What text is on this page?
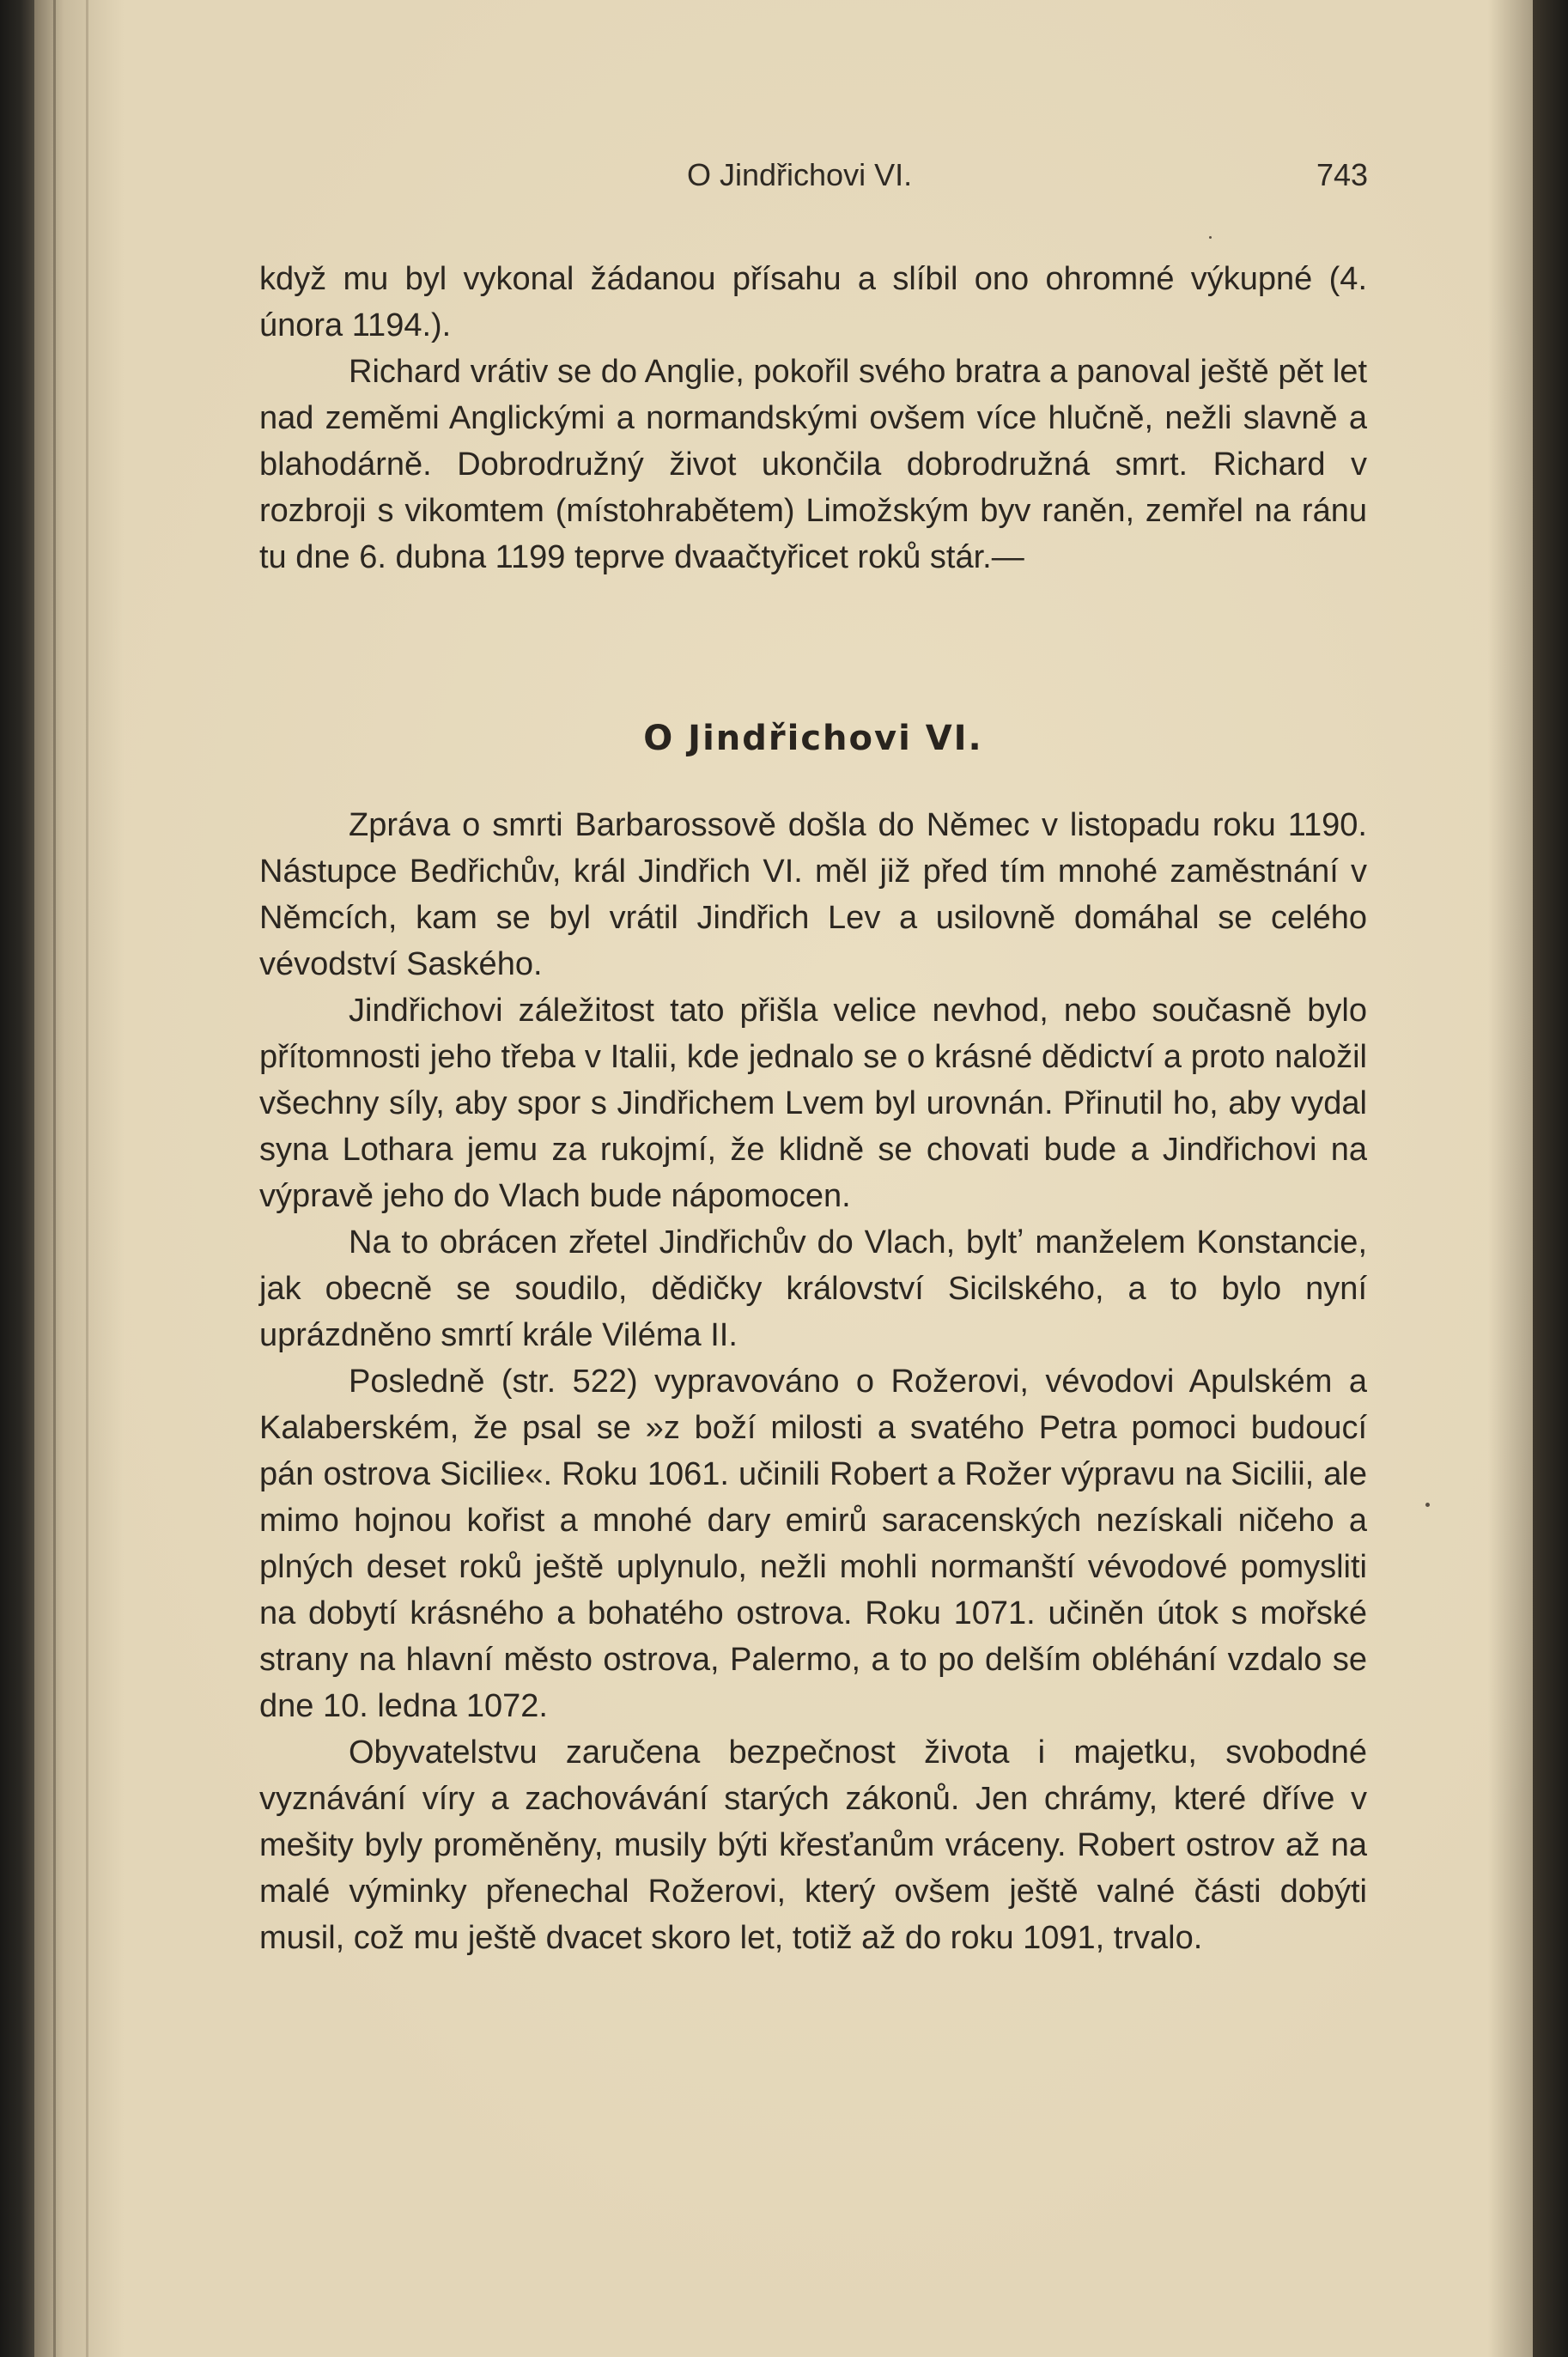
O Jindřichovi VI.	743

když mu byl vykonal žádanou přísahu a slíbil ono ohromné výkupné (4. února 1194.).

Richard vrátiv se do Anglie, pokořil svého bratra a panoval ještě pět let nad zeměmi Anglickými a normandskými ovšem více hlučně, nežli slavně a blahodárně. Dobrodružný život ukončila dobrodružná smrt. Richard v rozbroji s vikomtem (místohrabětem) Limožským byv raněn, zemřel na ránu tu dne 6. dubna 1199 teprve dvaačtyřicet roků stár.—

O Jindřichovi VI.

Zpráva o smrti Barbarossově došla do Němec v listopadu roku 1190. Nástupce Bedřichův, král Jindřich VI. měl již před tím mnohé zaměstnání v Němcích, kam se byl vrátil Jindřich Lev a usilovně domáhal se celého vévodství Saského.

Jindřichovi záležitost tato přišla velice nevhod, nebo současně bylo přítomnosti jeho třeba v Italii, kde jednalo se o krásné dědictví a proto naložil všechny síly, aby spor s Jindřichem Lvem byl urovnán. Přinutil ho, aby vydal syna Lothara jemu za rukojmí, že klidně se chovati bude a Jindřichovi na výpravě jeho do Vlach bude nápomocen.

Na to obrácen zřetel Jindřichův do Vlach, byltʼ manželem Konstancie, jak obecně se soudilo, dědičky království Sicilského, a to bylo nyní uprázdněno smrtí krále Viléma II.

Posledně (str. 522) vypravováno o Rožerovi, vévodovi Apulském a Kalaberském, že psal se »z boží milosti a svatého Petra pomoci budoucí pán ostrova Sicilie«. Roku 1061. učinili Robert a Rožer výpravu na Sicilii, ale mimo hojnou kořist a mnohé dary emirů saracenských nezískali ničeho a plných deset roků ještě uplynulo, nežli mohli normanští vévodové pomysliti na dobytí krásného a bohatého ostrova. Roku 1071. učiněn útok s mořské strany na hlavní město ostrova, Palermo, a to po delším obléhání vzdalo se dne 10. ledna 1072.

Obyvatelstvu zaručena bezpečnost života i majetku, svobodné vyznávání víry a zachovávání starých zákonů. Jen chrámy, které dříve v mešity byly proměněny, musily býti křesťanům vráceny. Robert ostrov až na malé výminky přenechal Rožerovi, který ovšem ještě valné části dobýti musil, což mu ještě dvacet skoro let, totiž až do roku 1091, trvalo.
